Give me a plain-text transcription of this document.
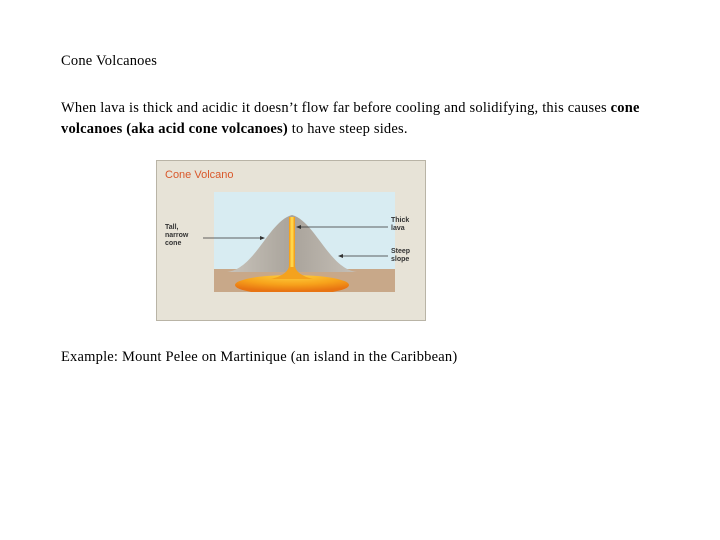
Cone Volcanoes
When lava is thick and acidic it doesn’t flow far before cooling and solidifying, this causes cone volcanoes (aka acid cone volcanoes) to have steep sides.
Cone Volcano
Tall,
narrow
cone
Thick
lava
Steep
slope
Example: Mount Pelee on Martinique (an island in the Caribbean)
